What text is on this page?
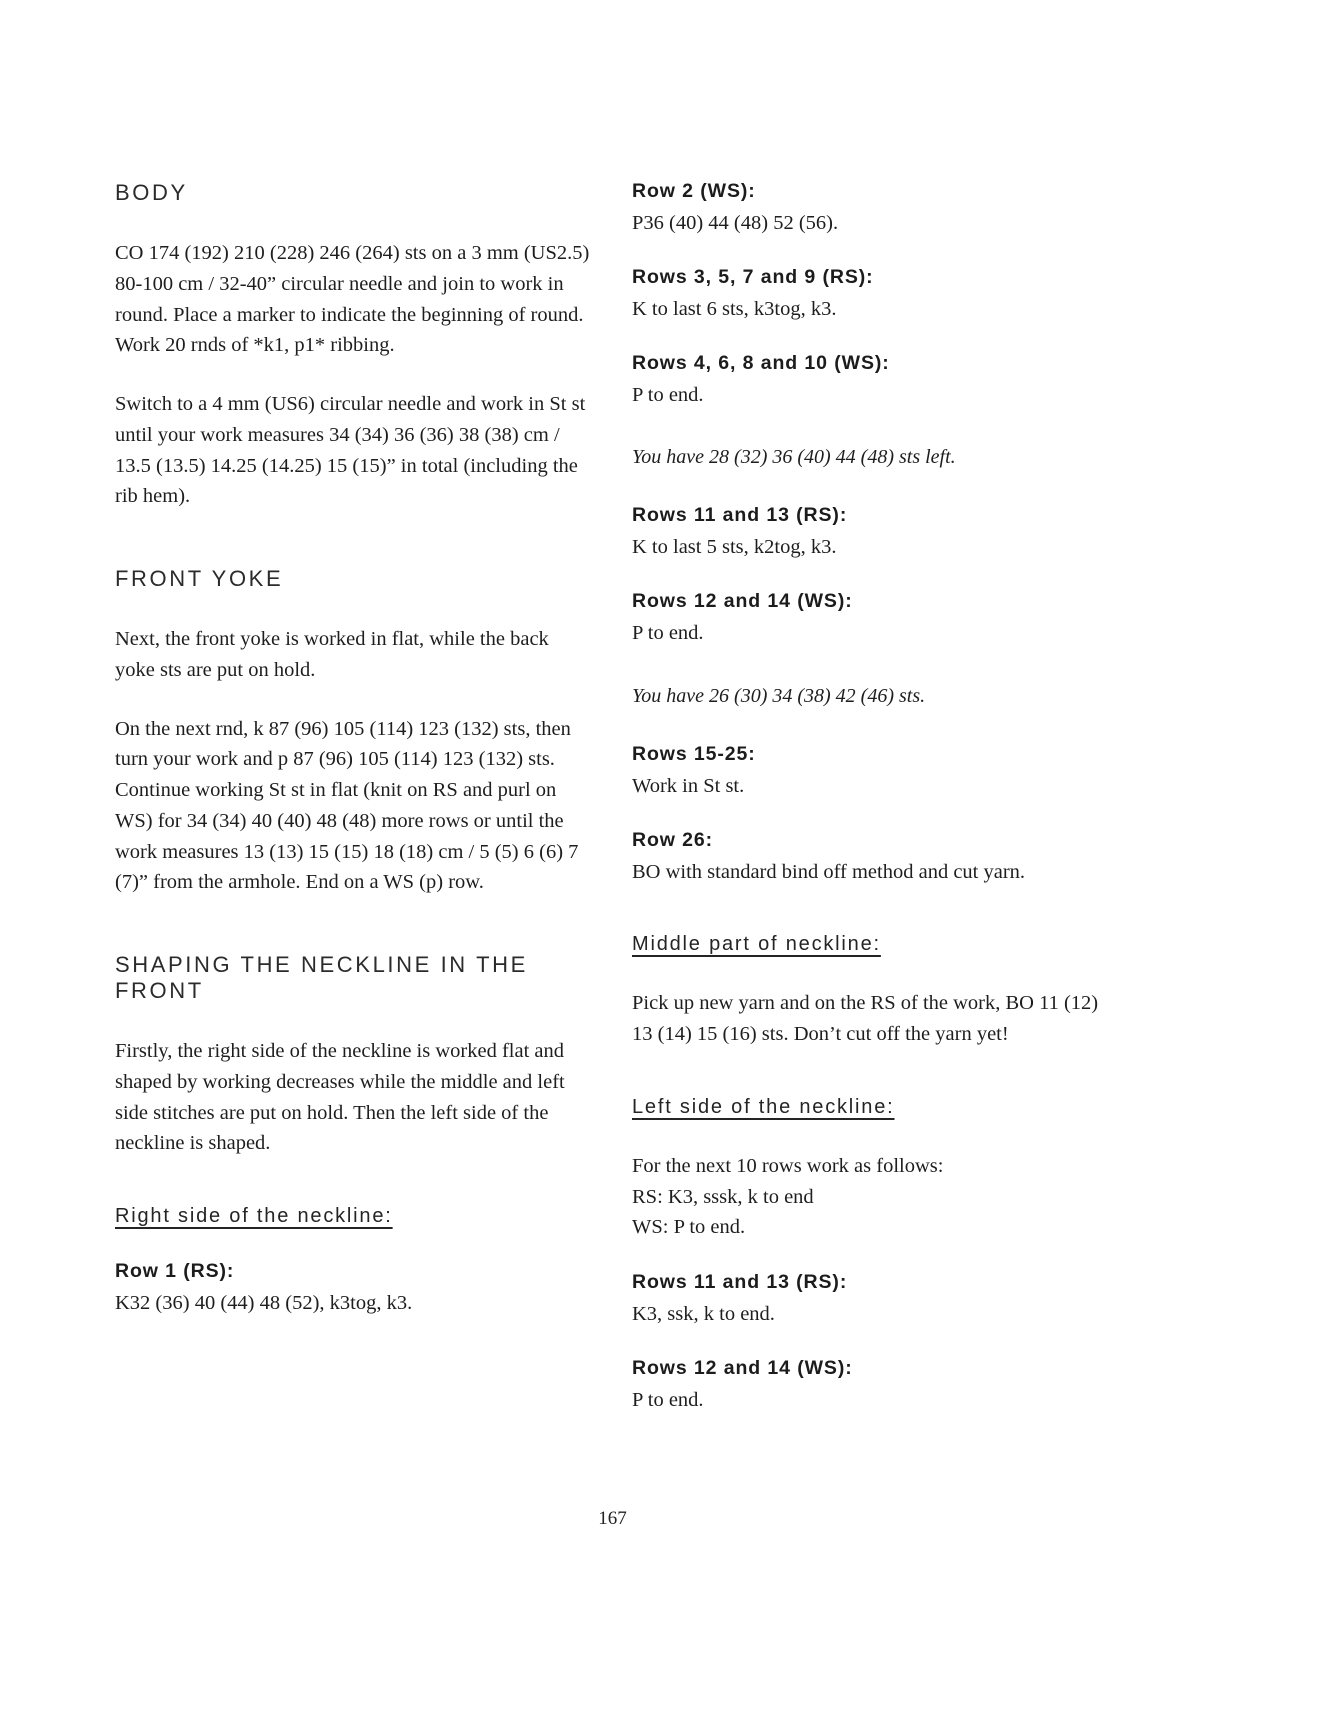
BODY

CO 174 (192) 210 (228) 246 (264) sts on a 3 mm (US2.5) 80-100 cm / 32-40” circular needle and join to work in round. Place a marker to indicate the beginning of round. Work 20 rnds of *k1, p1* ribbing.

Switch to a 4 mm (US6) circular needle and work in St st until your work measures 34 (34) 36 (36) 38 (38) cm / 13.5 (13.5) 14.25 (14.25) 15 (15)” in total (including the rib hem).

FRONT YOKE

Next, the front yoke is worked in flat, while the back yoke sts are put on hold.

On the next rnd, k 87 (96) 105 (114) 123 (132) sts, then turn your work and p 87 (96) 105 (114) 123 (132) sts.

Continue working St st in flat (knit on RS and purl on WS) for 34 (34) 40 (40) 48 (48) more rows or until the work measures 13 (13) 15 (15) 18 (18) cm / 5 (5) 6 (6) 7 (7)” from the armhole. End on a WS (p) row.

SHAPING THE NECKLINE IN THE FRONT

Firstly, the right side of the neckline is worked flat and shaped by working decreases while the middle and left side stitches are put on hold. Then the left side of the neckline is shaped.

Right side of the neckline:
Row 1 (RS):

K32 (36) 40 (44) 48 (52), k3tog, k3.

Row 2 (WS):

P36 (40) 44 (48) 52 (56).

Rows 3, 5, 7 and 9 (RS):

K to last 6 sts, k3tog, k3.

Rows 4, 6, 8 and 10 (WS):

P to end.

You have 28 (32) 36 (40) 44 (48) sts left.

Rows 11 and 13 (RS):

K to last 5 sts, k2tog, k3.

Rows 12 and 14 (WS):

P to end.

You have 26 (30) 34 (38) 42 (46) sts.

Rows 15-25:

Work in St st.

Row 26:

BO with standard bind off method and cut yarn.

Middle part of neckline:

Pick up new yarn and on the RS of the work, BO 11 (12) 13 (14) 15 (16) sts. Don’t cut off the yarn yet!

Left side of the neckline:

For the next 10 rows work as follows:
RS: K3, sssk, k to end
WS: P to end.

Rows 11 and 13 (RS):

K3, ssk, k to end.

Rows 12 and 14 (WS):

P to end.

167
